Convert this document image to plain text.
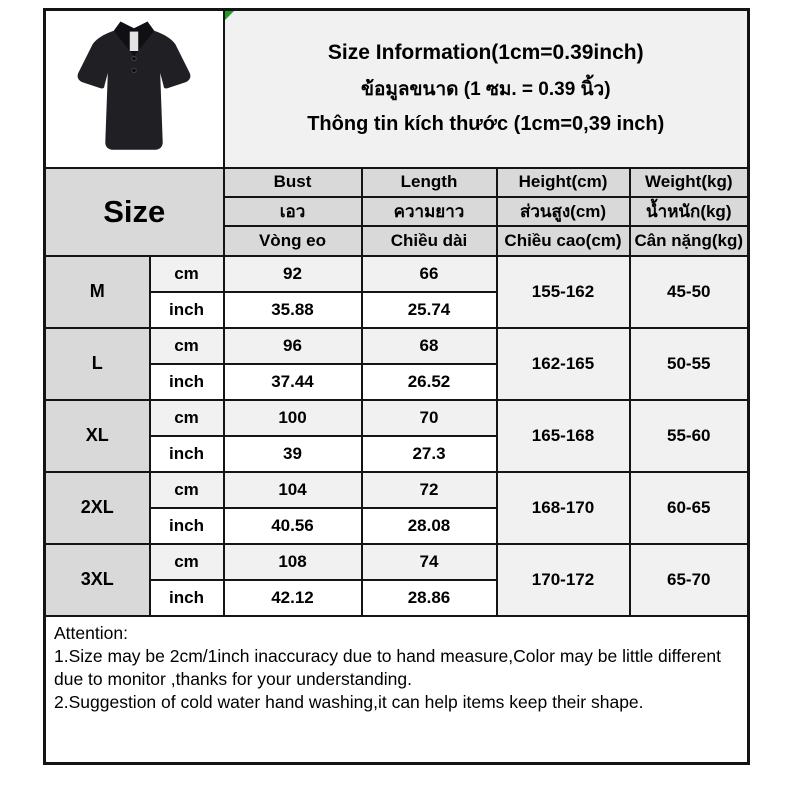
Size Information(1cm=0.39inch)
ข้อมูลขนาด (1 ซม. = 0.39 นิ้ว)
Thông tin kích thước (1cm=0,39 inch)			

Size		Bust	Length	Height(cm)	Weight(kg)
		เอว	ความยาว	ส่วนสูง(cm)	น้ำหนัก(kg)
		Vòng eo	Chiều dài	Chiều cao(cm)	Cân nặng(kg)
M	cm	92	66	155-162	45-50
	inch	35.88	25.74		
L	cm	96	68	162-165	50-55
	inch	37.44	26.52		
XL	cm	100	70	165-168	55-60
	inch	39	27.3		
2XL	cm	104	72	168-170	60-65
	inch	40.56	28.08		
3XL	cm	108	74	170-172	65-70
	inch	42.12	28.86		

Attention:
1.Size may be 2cm/1inch inaccuracy due to hand measure,Color may be little different due to monitor ,thanks for your understanding.
2.Suggestion of cold water hand washing,it can help items keep their shape.					
